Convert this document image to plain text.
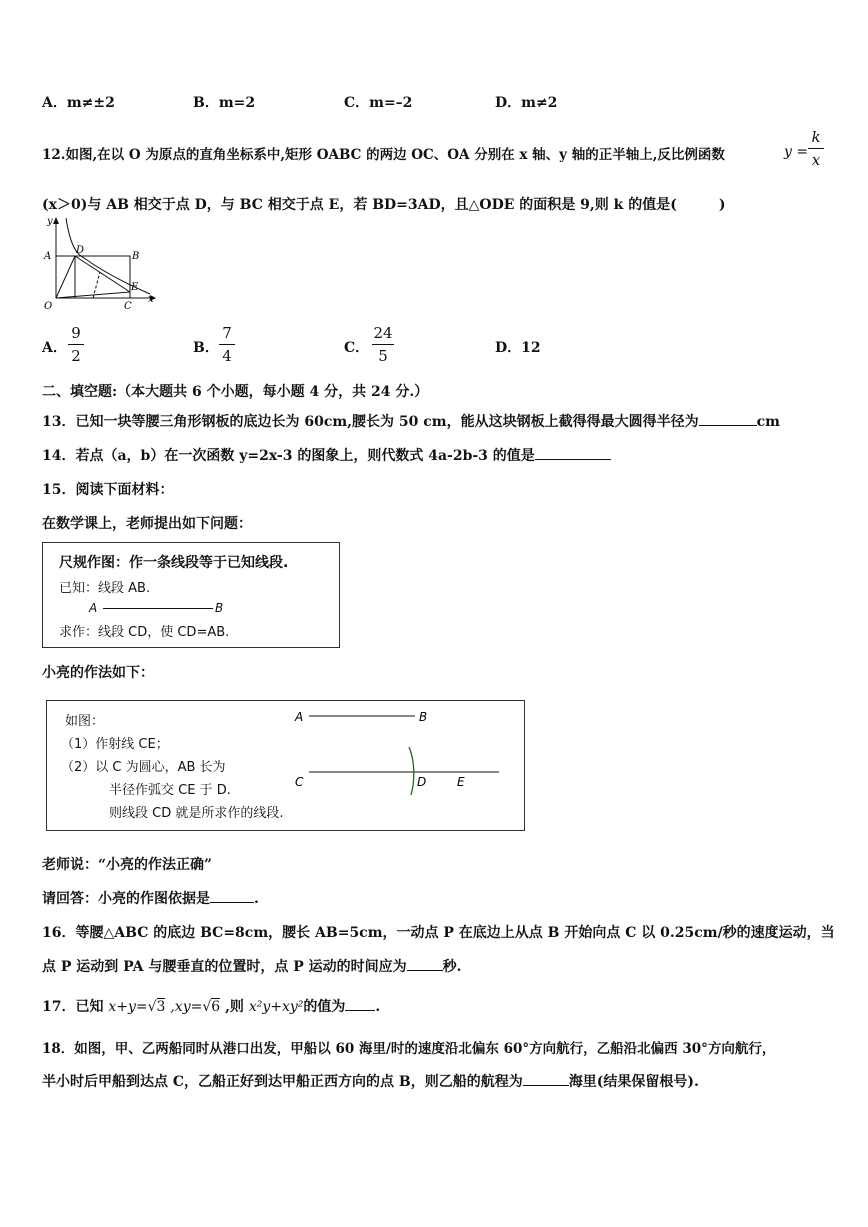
A．m≠±2	B．m=2	C．m=–2	D．m≠2
12.如图,在以 O 为原点的直角坐标系中,矩形 OABC 的两边 OC、OA 分别在 x 轴、y 轴的正半轴上,反比例函数	y =
k
x
(x＞0)与 AB 相交于点 D，与 BC 相交于点 E，若 BD=3AD，且△ODE 的面积是 9,则 k 的值是(　　　)
y
x
A	B
D
E
O	C
A．
9
2	B．
7
4	C．
24
5	D．12
二、填空题:（本大题共 6 个小题，每小题 4 分，共 24 分.）
13．已知一块等腰三角形钢板的底边长为 60cm,腰长为 50 cm，能从这块钢板上截得得最大圆得半径为	cm
14．若点（a，b）在一次函数 y=2x-3 的图象上，则代数式 4a-2b-3 的值是
15．阅读下面材料：
在数学课上，老师提出如下问题：
尺规作图：作一条线段等于已知线段.
已知：线段 AB.
A	B
求作：线段 CD，使 CD=AB.
小亮的作法如下：
如图：
（1）作射线 CE；
（2）以 C 为圆心，AB 长为
半径作弧交 CE 于 D.
则线段 CD 就是所求作的线段.
A	B
C	D	E
老师说：“小亮的作法正确”
请回答：小亮的作图依据是	.
16．等腰△ABC 的底边 BC=8cm，腰长 AB=5cm，一动点 P 在底边上从点 B 开始向点 C 以 0.25cm/秒的速度运动，当
点 P 运动到 PA 与腰垂直的位置时，点 P 运动的时间应为	秒.
17．已知 x+y=√3 ,xy=√6 ,则 x²y+xy²的值为 .
18．如图，甲、乙两船同时从港口出发，甲船以 60 海里/时的速度沿北偏东 60°方向航行，乙船沿北偏西 30°方向航行，
半小时后甲船到达点 C，乙船正好到达甲船正西方向的点 B，则乙船的航程为	海里(结果保留根号).
